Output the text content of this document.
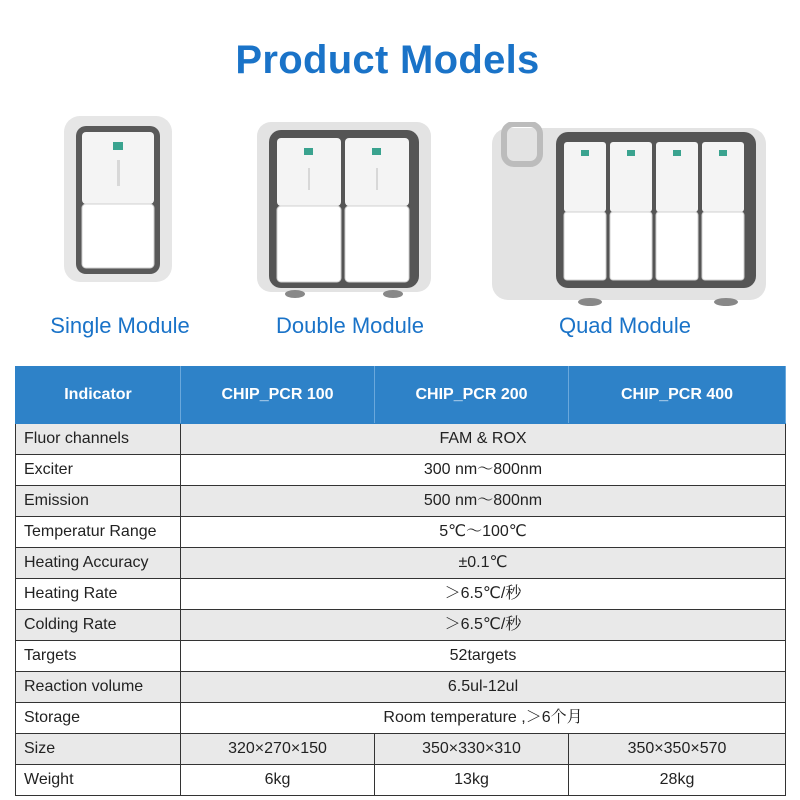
Product Models
Single Module	Double Module	Quad Module
Indicator	CHIP_PCR 100	CHIP_PCR 200	CHIP_PCR 400
Fluor channels	FAM & ROX		
Exciter	300 nm～800nm		
Emission	500 nm～800nm		
Temperatur Range	5℃～100℃		
Heating Accuracy	±0.1℃		
Heating Rate	＞6.5℃/秒		
Colding Rate	＞6.5℃/秒		
Targets	52targets		
Reaction volume	6.5ul-12ul		
Storage	Room temperature ,＞6个月		
Size	320×270×150	350×330×310	350×350×570
Weight	6kg	13kg	28kg
